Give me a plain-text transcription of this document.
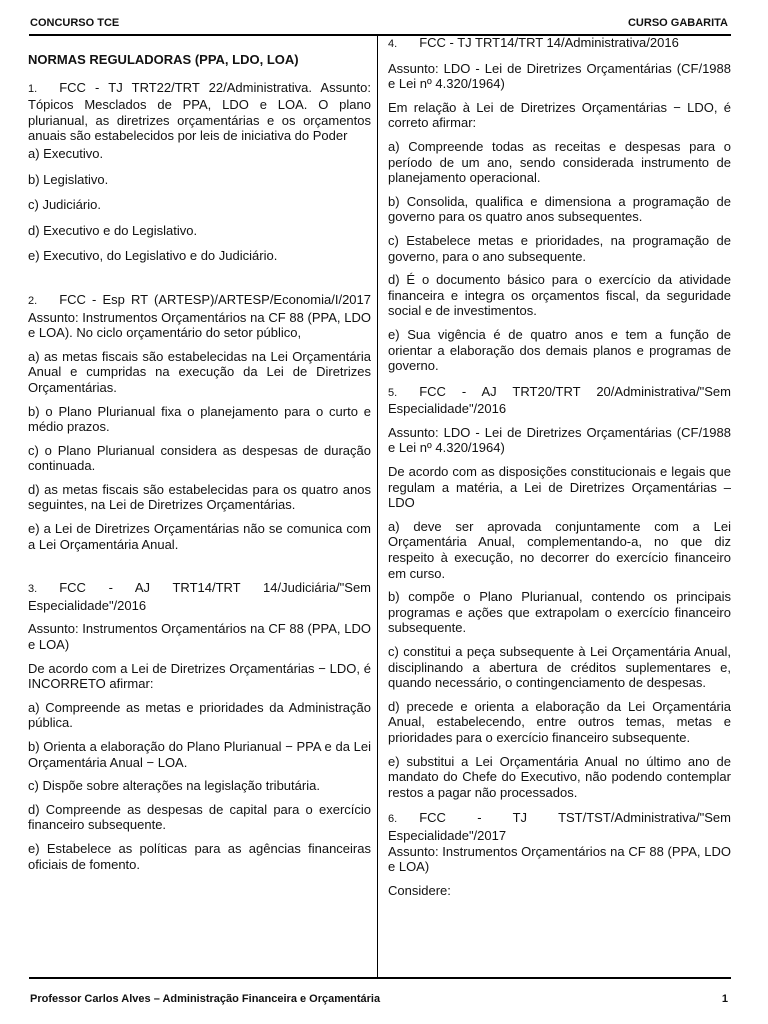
CONCURSO TCE	CURSO GABARITA

NORMAS REGULADORAS (PPA, LDO, LOA)

1. FCC - TJ TRT22/TRT 22/Administrativa. Assunto: Tópicos Mesclados de PPA, LDO e LOA. O plano plurianual, as diretrizes orçamentárias e os orçamentos anuais são estabelecidos por leis de iniciativa do Poder

a) Executivo.

b) Legislativo.

c) Judiciário.

d) Executivo e do Legislativo.

e) Executivo, do Legislativo e do Judiciário.

2. FCC - Esp RT (ARTESP)/ARTESP/Economia/I/2017 Assunto: Instrumentos Orçamentários na CF 88 (PPA, LDO e LOA). No ciclo orçamentário do setor público,

a) as metas fiscais são estabelecidas na Lei Orçamentária Anual e cumpridas na execução da Lei de Diretrizes Orçamentárias.

b) o Plano Plurianual fixa o planejamento para o curto e médio prazos.

c) o Plano Plurianual considera as despesas de duração continuada.

d) as metas fiscais são estabelecidas para os quatro anos seguintes, na Lei de Diretrizes Orçamentárias.

e) a Lei de Diretrizes Orçamentárias não se comunica com a Lei Orçamentária Anual.

3. FCC - AJ TRT14/TRT 14/Judiciária/"Sem Especialidade"/2016

Assunto: Instrumentos Orçamentários na CF 88 (PPA, LDO e LOA)

De acordo com a Lei de Diretrizes Orçamentárias − LDO, é INCORRETO afirmar:

a) Compreende as metas e prioridades da Administração pública.

b) Orienta a elaboração do Plano Plurianual − PPA e da Lei Orçamentária Anual − LOA.

c) Dispõe sobre alterações na legislação tributária.

d) Compreende as despesas de capital para o exercício financeiro subsequente.

e) Estabelece as políticas para as agências financeiras oficiais de fomento.

4. FCC - TJ TRT14/TRT 14/Administrativa/2016

Assunto: LDO - Lei de Diretrizes Orçamentárias (CF/1988 e Lei nº 4.320/1964)

Em relação à Lei de Diretrizes Orçamentárias − LDO, é correto afirmar:

a) Compreende todas as receitas e despesas para o período de um ano, sendo considerada instrumento de planejamento operacional.

b) Consolida, qualifica e dimensiona a programação de governo para os quatro anos subsequentes.

c) Estabelece metas e prioridades, na programação de governo, para o ano subsequente.

d) É o documento básico para o exercício da atividade financeira e integra os orçamentos fiscal, da seguridade social e de investimentos.

e) Sua vigência é de quatro anos e tem a função de orientar a elaboração dos demais planos e programas de governo.

5. FCC - AJ TRT20/TRT 20/Administrativa/"Sem Especialidade"/2016

Assunto: LDO - Lei de Diretrizes Orçamentárias (CF/1988 e Lei nº 4.320/1964)

De acordo com as disposições constitucionais e legais que regulam a matéria, a Lei de Diretrizes Orçamentárias – LDO

a) deve ser aprovada conjuntamente com a Lei Orçamentária Anual, complementando-a, no que diz respeito à execução, no decorrer do exercício financeiro em curso.

b) compõe o Plano Plurianual, contendo os principais programas e ações que extrapolam o exercício financeiro subsequente.

c) constitui a peça subsequente à Lei Orçamentária Anual, disciplinando a abertura de créditos suplementares e, quando necessário, o contingenciamento de despesas.

d) precede e orienta a elaboração da Lei Orçamentária Anual, estabelecendo, entre outros temas, metas e prioridades para o exercício financeiro subsequente.

e) substitui a Lei Orçamentária Anual no último ano de mandato do Chefe do Executivo, não podendo contemplar restos a pagar não processados.

6. FCC - TJ TST/TST/Administrativa/"Sem Especialidade"/2017

Assunto: Instrumentos Orçamentários na CF 88 (PPA, LDO e LOA)

Considere:

Professor Carlos Alves – Administração Financeira e Orçamentária	1
